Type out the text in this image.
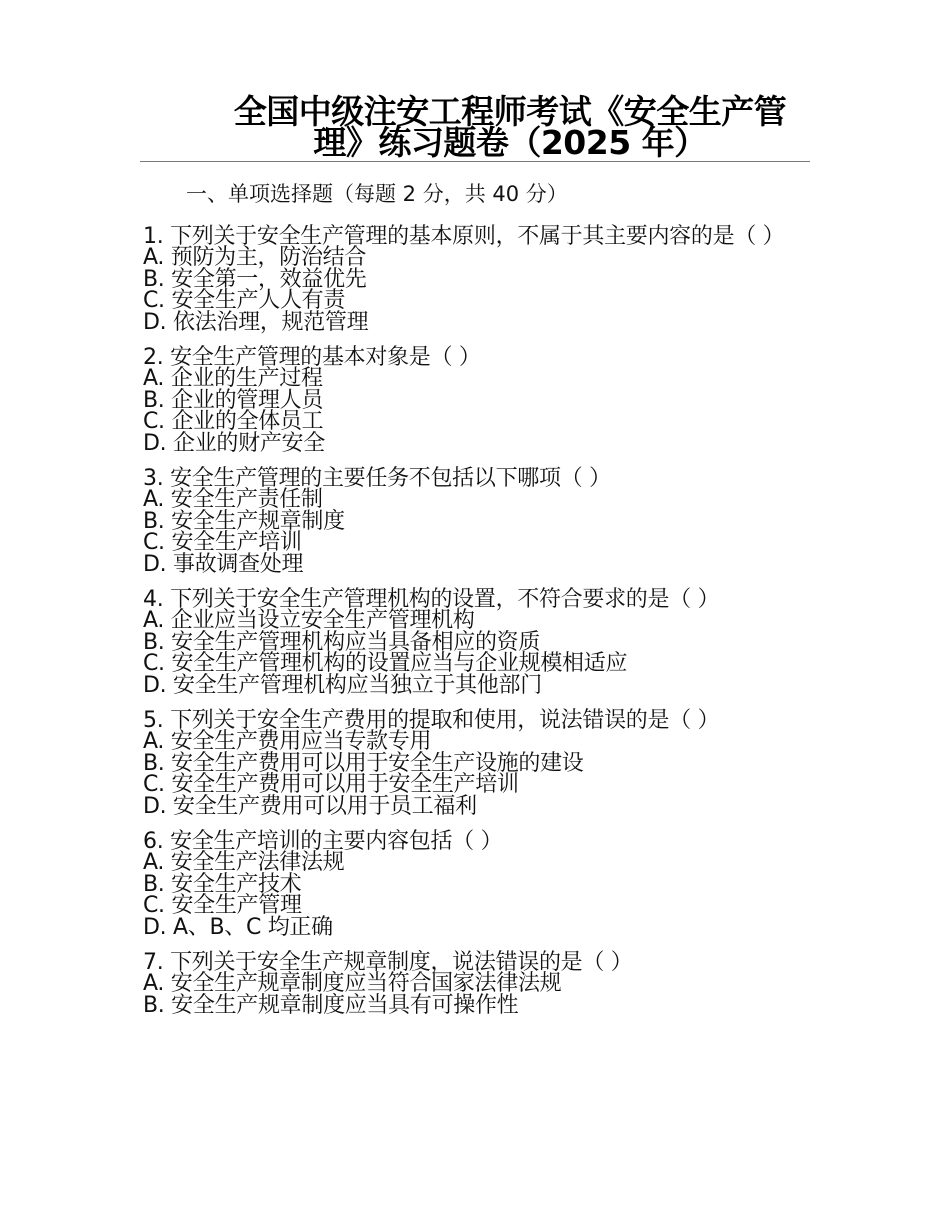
全国中级注安工程师考试《安全生产管理》练习题卷（2025 年）
一、单项选择题（每题 2 分，共 40 分）
1. 下列关于安全生产管理的基本原则，不属于其主要内容的是（ ）
A. 预防为主，防治结合
B. 安全第一，效益优先
C. 安全生产人人有责
D. 依法治理，规范管理
2. 安全生产管理的基本对象是（ ）
A. 企业的生产过程
B. 企业的管理人员
C. 企业的全体员工
D. 企业的财产安全
3. 安全生产管理的主要任务不包括以下哪项（ ）
A. 安全生产责任制
B. 安全生产规章制度
C. 安全生产培训
D. 事故调查处理
4. 下列关于安全生产管理机构的设置，不符合要求的是（ ）
A. 企业应当设立安全生产管理机构
B. 安全生产管理机构应当具备相应的资质
C. 安全生产管理机构的设置应当与企业规模相适应
D. 安全生产管理机构应当独立于其他部门
5. 下列关于安全生产费用的提取和使用，说法错误的是（ ）
A. 安全生产费用应当专款专用
B. 安全生产费用可以用于安全生产设施的建设
C. 安全生产费用可以用于安全生产培训
D. 安全生产费用可以用于员工福利
6. 安全生产培训的主要内容包括（ ）
A. 安全生产法律法规
B. 安全生产技术
C. 安全生产管理
D. A、B、C 均正确
7. 下列关于安全生产规章制度，说法错误的是（ ）
A. 安全生产规章制度应当符合国家法律法规
B. 安全生产规章制度应当具有可操作性
